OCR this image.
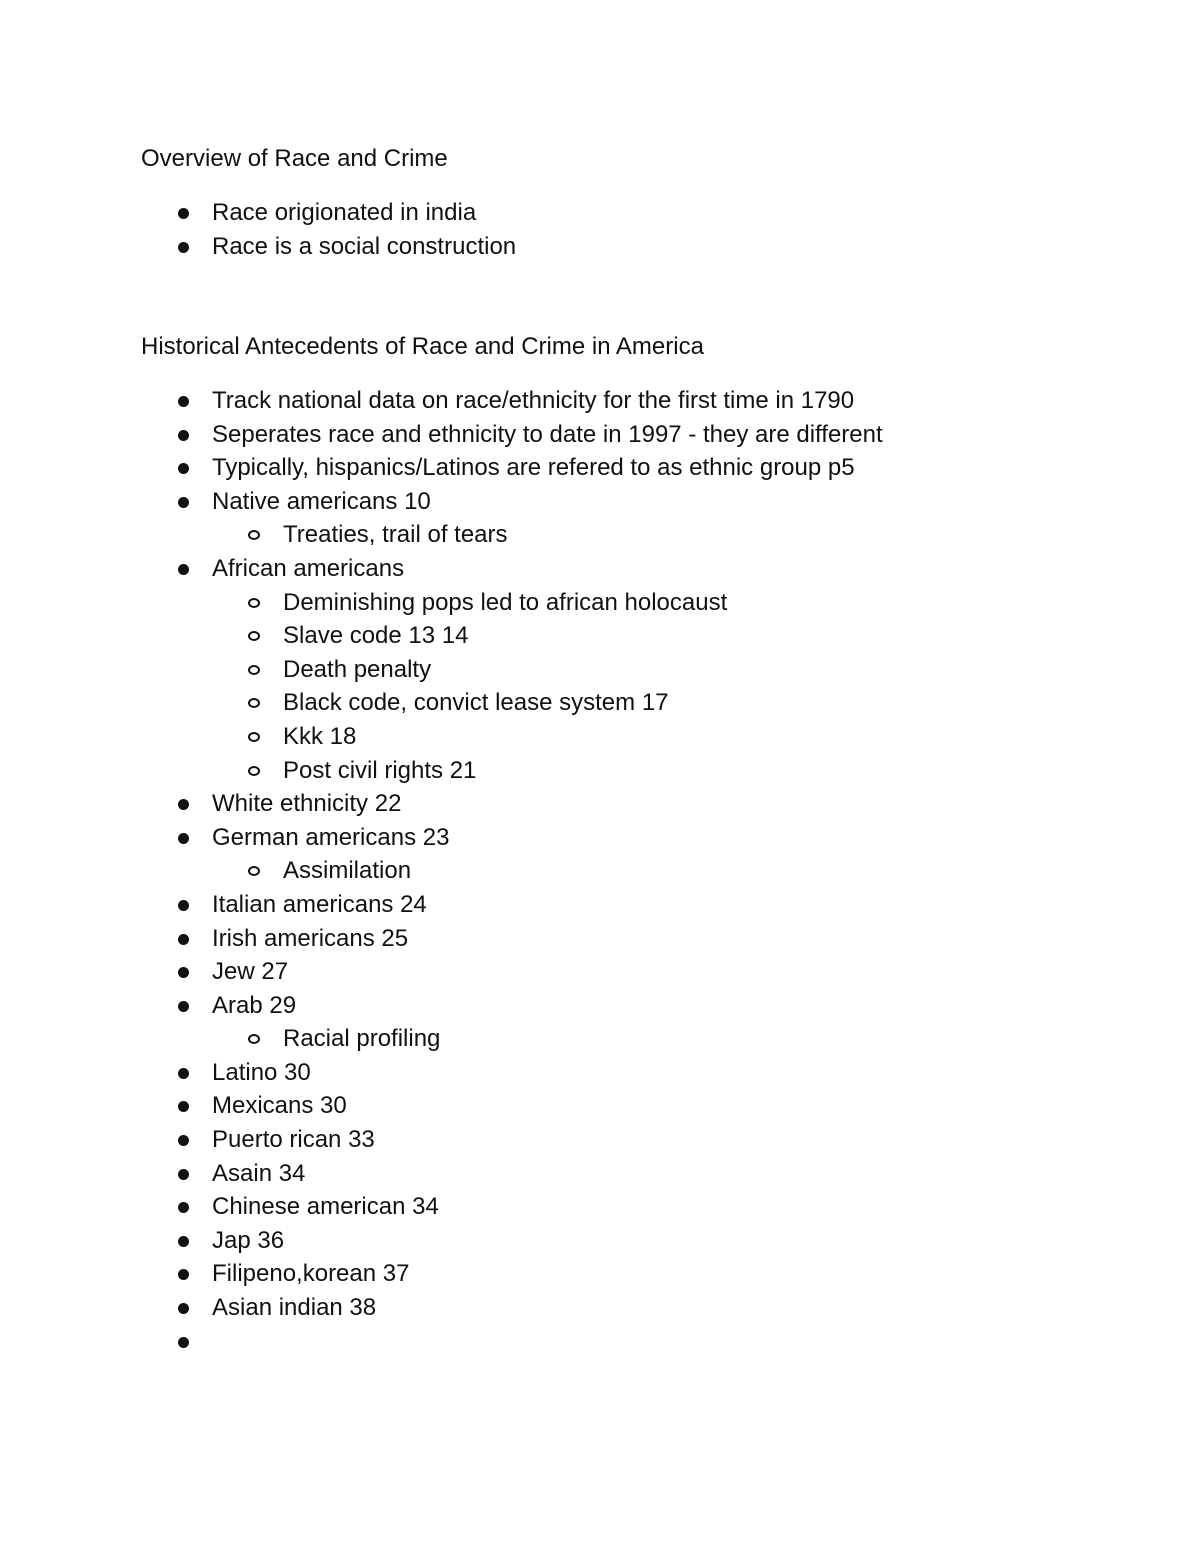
Overview of Race and Crime
Race origionated in india
Race is a social construction
Historical Antecedents of Race and Crime in America
Track national data on race/ethnicity for the first time in 1790
Seperates race and ethnicity to date in 1997 - they are different
Typically, hispanics/Latinos are refered to as ethnic group p5
Native americans 10
Treaties, trail of tears
African americans
Deminishing pops led to african holocaust
Slave code 13 14
Death penalty
Black code, convict lease system 17
Kkk 18
Post civil rights 21
White ethnicity 22
German americans 23
Assimilation
Italian americans 24
Irish americans 25
Jew 27
Arab 29
Racial profiling
Latino 30
Mexicans 30
Puerto rican 33
Asain 34
Chinese american 34
Jap 36
Filipeno,korean 37
Asian indian 38
